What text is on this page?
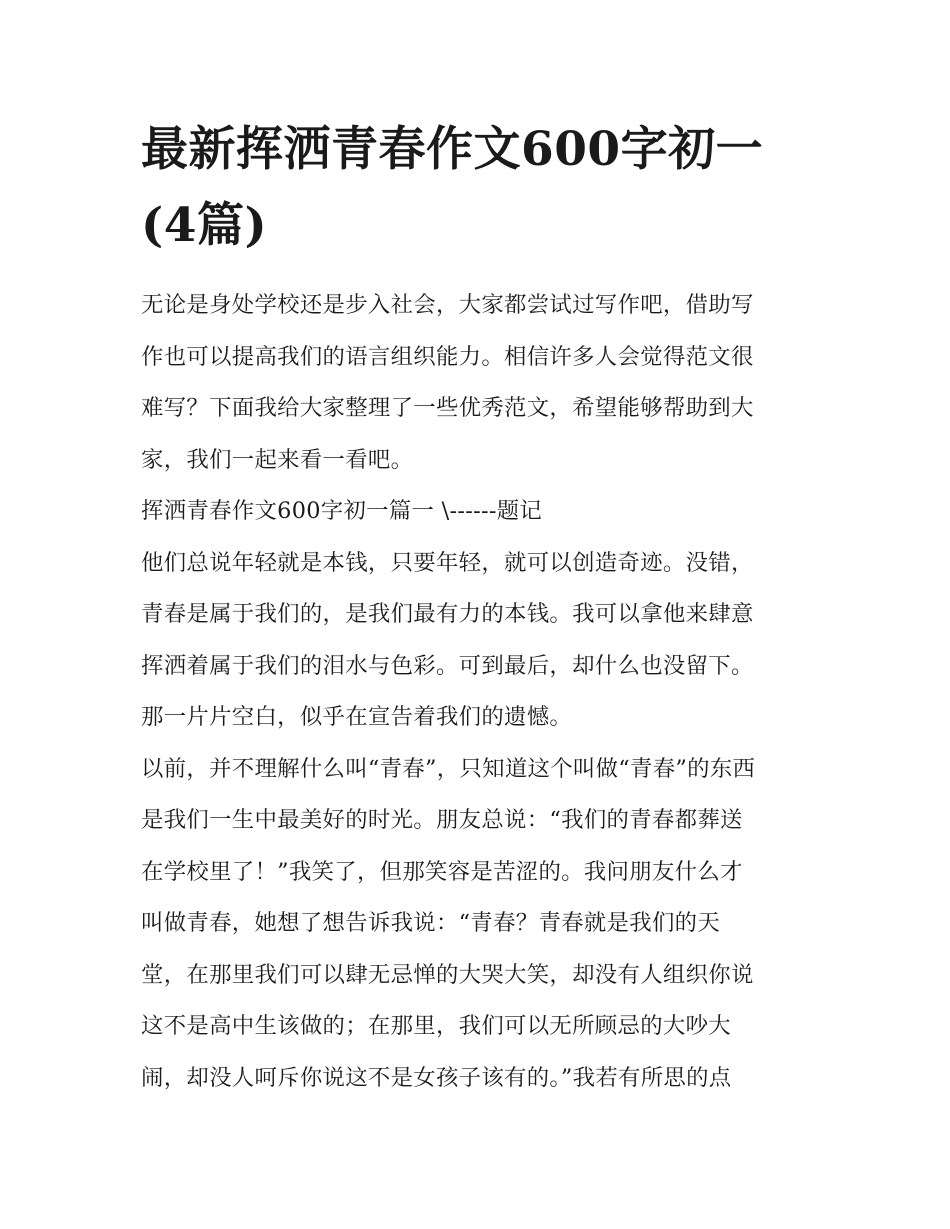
最新挥洒青春作文600字初一
(4篇)

无论是身处学校还是步入社会，大家都尝试过写作吧，借助写
作也可以提高我们的语言组织能力。相信许多人会觉得范文很
难写？下面我给大家整理了一些优秀范文，希望能够帮助到大
家，我们一起来看一看吧。

挥洒青春作文600字初一篇一 \------题记

他们总说年轻就是本钱，只要年轻，就可以创造奇迹。没错，
青春是属于我们的，是我们最有力的本钱。我可以拿他来肆意
挥洒着属于我们的泪水与色彩。可到最后，却什么也没留下。
那一片片空白，似乎在宣告着我们的遗憾。

以前，并不理解什么叫“青春”，只知道这个叫做“青春”的东西
是我们一生中最美好的时光。朋友总说：“我们的青春都葬送
在学校里了！”我笑了，但那笑容是苦涩的。我问朋友什么才
叫做青春，她想了想告诉我说：“青春？青春就是我们的天
堂，在那里我们可以肆无忌惮的大哭大笑，却没有人组织你说
这不是高中生该做的；在那里，我们可以无所顾忌的大吵大
闹，却没人呵斥你说这不是女孩子该有的。”我若有所思的点
